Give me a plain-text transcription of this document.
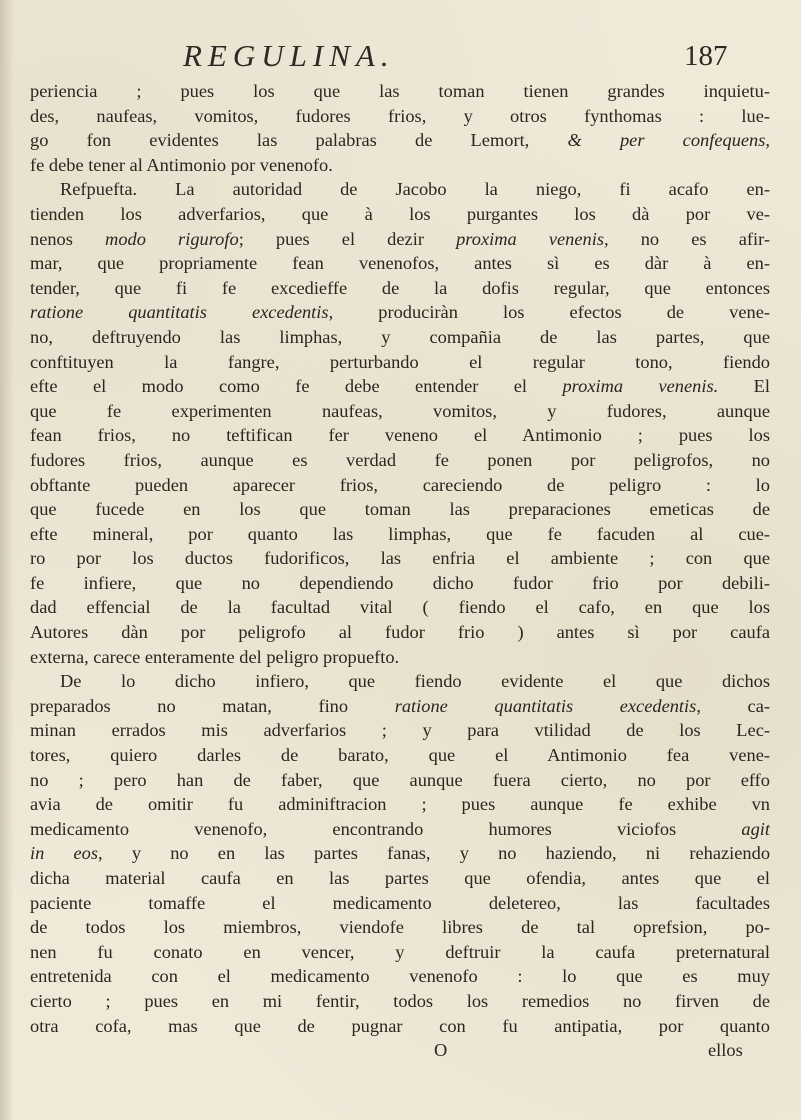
REGULINA.	187
periencia ; pues los que las toman tienen grandes inquietu-
des, naufeas, vomitos, fudores frios, y otros fynthomas : lue-
go fon evidentes las palabras de Lemort, & per confequens,
fe debe tener al Antimonio por venenofo.
Refpuefta. La autoridad de Jacobo la niego, fi acafo en-
tienden los adverfarios, que à los purgantes los dà por ve-
nenos modo rigurofo; pues el dezir proxima venenis, no es afir-
mar, que propriamente fean venenofos, antes sì es dàr à en-
tender, que fi fe excedieffe de la dofis regular, que entonces
ratione quantitatis excedentis, produciràn los efectos de vene-
no, deftruyendo las limphas, y compañia de las partes, que
conftituyen la fangre, perturbando el regular tono, fiendo
efte el modo como fe debe entender el proxima venenis. El
que fe experimenten naufeas, vomitos, y fudores, aunque
fean frios, no teftifican fer veneno el Antimonio ; pues los
fudores frios, aunque es verdad fe ponen por peligrofos, no
obftante pueden aparecer frios, careciendo de peligro : lo
que fucede en los que toman las preparaciones emeticas de
efte mineral, por quanto las limphas, que fe facuden al cue-
ro por los ductos fudorificos, las enfria el ambiente ; con que
fe infiere, que no dependiendo dicho fudor frio por debili-
dad effencial de la facultad vital ( fiendo el cafo, en que los
Autores dàn por peligrofo al fudor frio ) antes sì por caufa
externa, carece enteramente del peligro propuefto.
De lo dicho infiero, que fiendo evidente el que dichos
preparados no matan, fino ratione quantitatis excedentis, ca-
minan errados mis adverfarios ; y para vtilidad de los Lec-
tores, quiero darles de barato, que el Antimonio fea vene-
no ; pero han de faber, que aunque fuera cierto, no por effo
avia de omitir fu adminiftracion ; pues aunque fe exhibe vn
medicamento venenofo, encontrando humores viciofos agit
in eos, y no en las partes fanas, y no haziendo, ni rehaziendo
dicha material caufa en las partes que ofendia, antes que el
paciente tomaffe el medicamento deletereo, las facultades
de todos los miembros, viendofe libres de tal oprefsion, po-
nen fu conato en vencer, y deftruir la caufa preternatural
entretenida con el medicamento venenofo : lo que es muy
cierto ; pues en mi fentir, todos los remedios no firven de
otra cofa, mas que de pugnar con fu antipatia, por quanto
O	ellos
